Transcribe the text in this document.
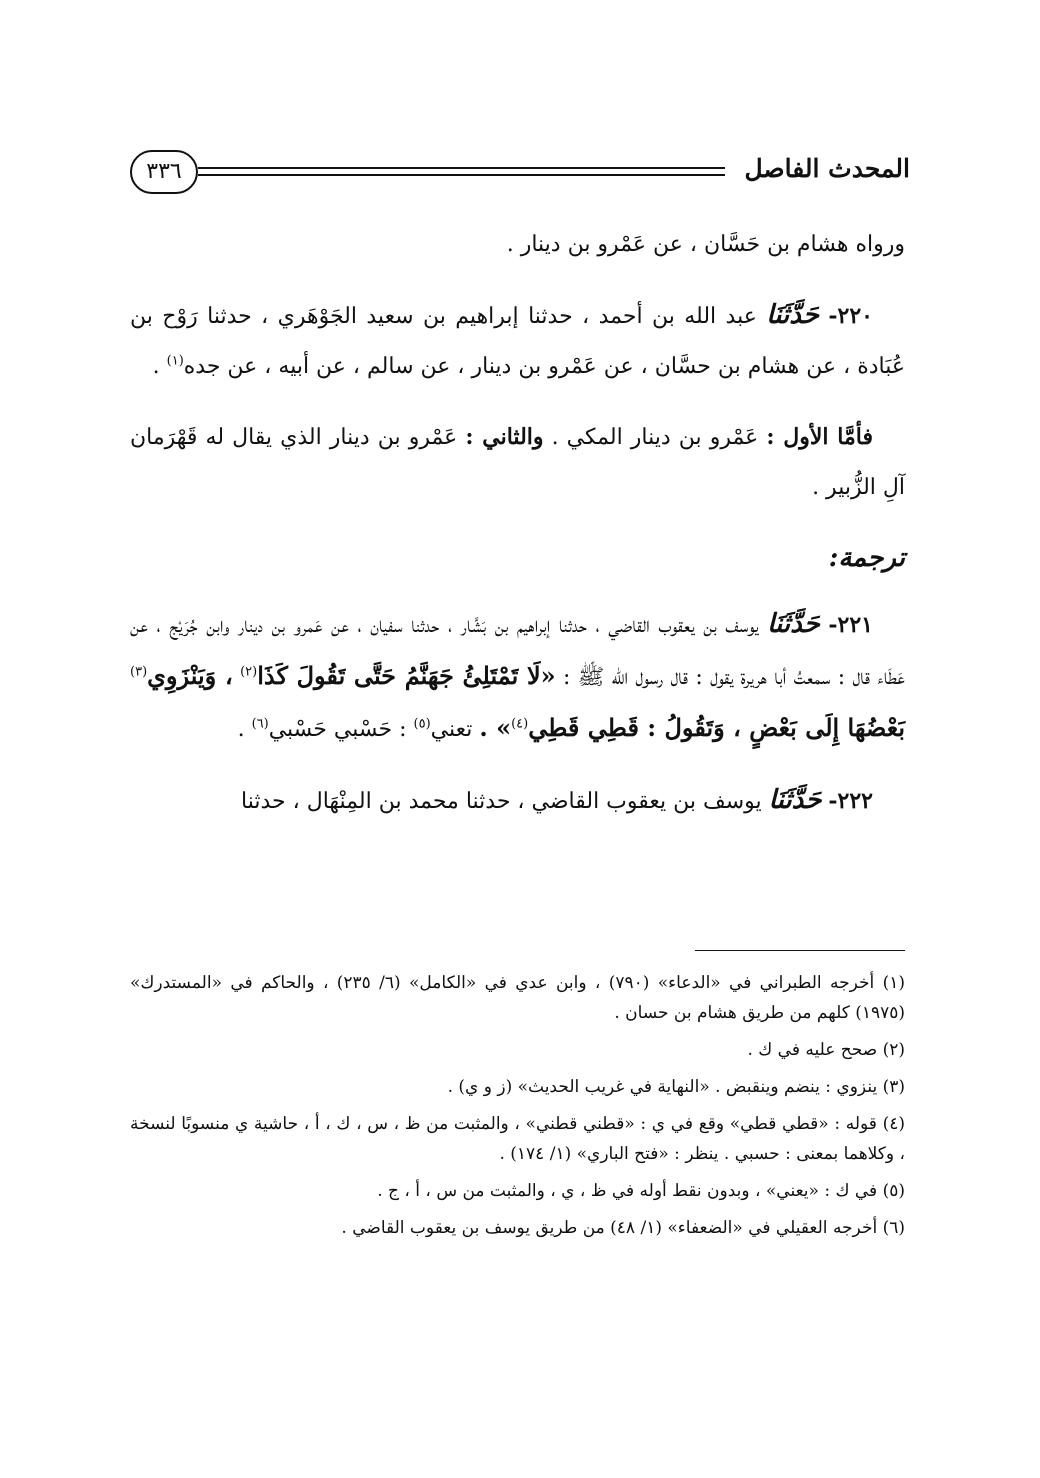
٣٣٦	المحدث الفاصل

ورواه هشام بن حَسَّان ، عن عَمْرو بن دينار .

٢٢٠- حَدَّثَنَا عبد الله بن أحمد ، حدثنا إبراهيم بن سعيد الجَوْهَري ، حدثنا رَوْح بن عُبَادة ، عن هشام بن حسَّان ، عن عَمْرو بن دينار ، عن سالم ، عن أبيه ، عن جده$^{(١)}$ .

فأمَّا الأول : عَمْرو بن دينار المكي . والثاني : عَمْرو بن دينار الذي يقال له قَهْرَمان آلِ الزُّبير .

ترجمة:

٢٢١- حَدَّثَنَا يوسف بن يعقوب القاضي ، حدثنا إبراهيم بن بَشَّار ، حدثنا سفيان ، عن عَمرو بن دينار وابن جُرَيْج ، عن عَطَاء قال : سمعتُ أبا هريرة يقول : قال رسول الله ﷺ : «لَا تَمْتَلِئُ جَهَنَّمُ حَتَّى تَقُولَ كَذَا$^{(٢)}$ ، وَيَنْزَوِي$^{(٣)}$ بَعْضُهَا إِلَى بَعْضٍ ، وَتَقُولُ : قَطِي قَطِي$^{(٤)}$» . تعني$^{(٥)}$ : حَسْبي حَسْبي$^{(٦)}$ .

٢٢٢- حَدَّثَنَا يوسف بن يعقوب القاضي ، حدثنا محمد بن المِنْهَال ، حدثنا

(١) أخرجه الطبراني في «الدعاء» (٧٩٠) ، وابن عدي في «الكامل» (٦/ ٢٣٥) ، والحاكم في «المستدرك» (١٩٧٥) كلهم من طريق هشام بن حسان .

(٢) صحح عليه في ك .

(٣) ينزوي : ينضم وينقبض . «النهاية في غريب الحديث» (ز و ي) .

(٤) قوله : «قطي قطي» وقع في ي : «قطني قطني» ، والمثبت من ظ ، س ، ك ، أ ، حاشية ي منسوبًا لنسخة ، وكلاهما بمعنى : حسبي . ينظر : «فتح الباري» (١/ ١٧٤) .

(٥) في ك : «يعني» ، وبدون نقط أوله في ظ ، ي ، والمثبت من س ، أ ، ج .

(٦) أخرجه العقيلي في «الضعفاء» (١/ ٤٨) من طريق يوسف بن يعقوب القاضي .
